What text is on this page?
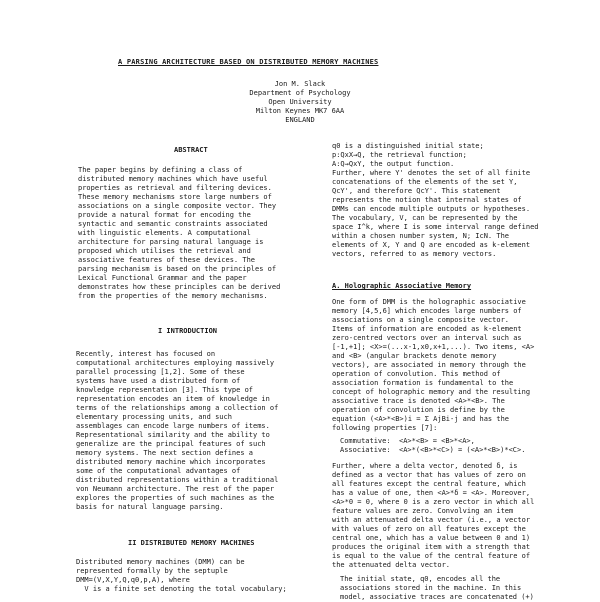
A PARSING ARCHITECTURE BASED ON DISTRIBUTED MEMORY MACHINES
Jon M. Slack
Department of Psychology
Open University
Milton Keynes MK7 6AA
ENGLAND
ABSTRACT
The paper begins by defining a class of
distributed memory machines which have useful
properties as retrieval and filtering devices.
These memory mechanisms store large numbers of
associations on a single composite vector. They
provide a natural format for encoding the
syntactic and semantic constraints associated
with linguistic elements. A computational
architecture for parsing natural language is
proposed which utilises the retrieval and
associative features of these devices. The
parsing mechanism is based on the principles of
Lexical Functional Grammar and the paper
demonstrates how these principles can be derived
from the properties of the memory mechanisms.
I INTRODUCTION
Recently, interest has focused on
computational architectures employing massively
parallel processing [1,2]. Some of these
systems have used a distributed form of
knowledge representation [3]. This type of
representation encodes an item of knowledge in
terms of the relationships among a collection of
elementary processing units, and such
assemblages can encode large numbers of items.
Representational similarity and the ability to
generalize are the principal features of such
memory systems. The next section defines a
distributed memory machine which incorporates
some of the computational advantages of
distributed representations within a traditional
von Neumann architecture. The rest of the paper
explores the properties of such machines as the
basis for natural language parsing.
II DISTRIBUTED MEMORY MACHINES
Distributed memory machines (DMM) can be
represented formally by the septuple
DMM=(V,X,Y,Q,q0,p,A), where
V is a finite set denoting the total vocabulary;
q0 is a distinguished initial state;
p:QxX→Q, the retrieval function;
A:Q→QxY, the output function.
Further, where Y' denotes the set of all finite
concatenations of the elements of the set Y,
QcY', and therefore QcY'. This statement
represents the notion that internal states of
DMMs can encode multiple outputs or hypotheses.
The vocabulary, V, can be represented by the
space I^k, where I is some interval range defined
within a chosen number system, N; IcN. The
elements of X, Y and Q are encoded as k-element
vectors, referred to as memory vectors.
A. Holographic Associative Memory
One form of DMM is the holographic associative
memory [4,5,6] which encodes large numbers of
associations on a single composite vector.
Items of information are encoded as k-element
zero-centred vectors over an interval such as
[-1,+1]; <X>=(...x-1,x0,x+1,...). Two items, <A>
and <B> (angular brackets denote memory
vectors), are associated in memory through the
operation of convolution. This method of
association formation is fundamental to the
concept of holographic memory and the resulting
associative trace is denoted <A>*<B>. The
operation of convolution is define by the
equation (<A>*<B>)i = Σ AjBi-j and has the
following properties [7]:
Commutative:  <A>*<B> = <B>*<A>,
Associative:  <A>*(<B>*<C>) = (<A>*<B>)*<C>.
Further, where a delta vector, denoted δ, is
defined as a vector that has values of zero on
all features except the central feature, which
has a value of one, then <A>*δ = <A>. Moreover,
<A>*0 = 0, where 0 is a zero vector in which all
feature values are zero. Convolving an item
with an attenuated delta vector (i.e., a vector
with values of zero on all features except the
central one, which has a value between 0 and 1)
produces the original item with a strength that
is equal to the value of the central feature of
the attenuated delta vector.
The initial state, q0, encodes all the
associations stored in the machine. In this
model, associative traces are concatenated (+)
